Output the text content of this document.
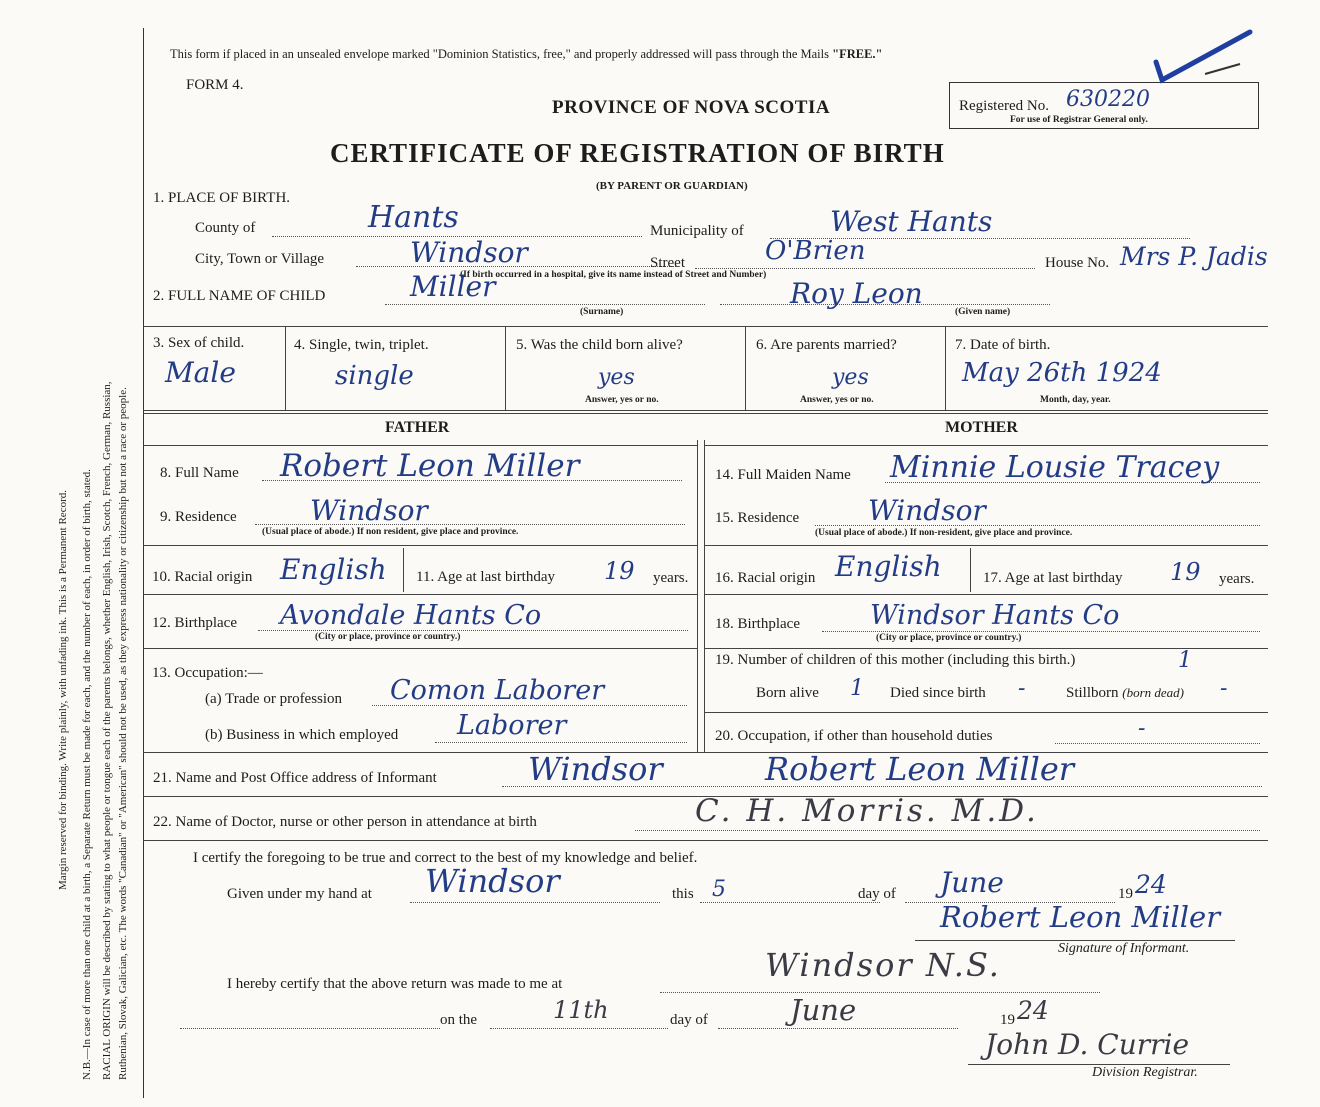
Margin reserved for binding. Write plainly, with unfading ink. This is a Permanent Record. N.B.—In case of more than one child at a birth, a Separate Return must be made for each, and the number of each, in order of birth, stated. RACIAL ORIGIN will be described by stating to what people or tongue each of the parents belongs, whether English, Irish, Scotch, French, German, Russian, Ruthenian, Slovak, Galician, etc. The words "Canadian" or "American" should not be used, as they express nationality or citizenship but not a race or people.
This form if placed in an unsealed envelope marked "Dominion Statistics, free," and properly addressed will pass through the Mails "FREE."
FORM 4.
PROVINCE OF NOVA SCOTIA
CERTIFICATE OF REGISTRATION OF BIRTH
(BY PARENT OR GUARDIAN)
Registered No. 630220
For use of Registrar General only.
1. PLACE OF BIRTH.
County of	Hants	Municipality of	West Hants
City, Town or Village	Windsor	Street	O'Brien	House No. Mrs P. Jadis
(If birth occurred in a hospital, give its name instead of Street and Number)
2. FULL NAME OF CHILD	Miller
(Surname)
Roy Leon
(Given name)
3. Sex of child.
Male
4. Single, twin, triplet.
single
5. Was the child born alive?
yes
Answer, yes or no.
6. Are parents married?
yes
Answer, yes or no.
7. Date of birth.
May 26th 1924
Month, day, year.
FATHER	MOTHER
8. Full Name Robert Leon Miller
9. Residence	Windsor
(Usual place of abode.) If non resident, give place and province.
10. Racial origin English 11. Age at last birthday 19 years.
12. Birthplace Avondale Hants Co
(City or place, province or country.)
13. Occupation:—
(a) Trade or profession Comon Laborer
(b) Business in which employed Laborer
14. Full Maiden Name Minnie Lousie Tracey
15. Residence Windsor
(Usual place of abode.) If non-resident, give place and province.
16. Racial origin English	17. Age at last birthday 19 years.
18. Birthplace	Windsor Hants Co
(City or place, province or country.)
19. Number of children of this mother (including this birth.)	1
Born alive 1 Died since birth -	Stillborn (born dead) -
20. Occupation, if other than household duties	-
21. Name and Post Office address of Informant	Windsor	Robert Leon Miller
22. Name of Doctor, nurse or other person in attendance at birth	C. H. Morris. M.D.
I certify the foregoing to be true and correct to the best of my knowledge and belief.
Given under my hand at Windsor	this 5	day of June	19 24
Robert Leon Miller
Signature of Informant.
I hereby certify that the above return was made to me at	Windsor N.S.
on the	11th	day of	June	19 24
John D. Currie
Division Registrar.
